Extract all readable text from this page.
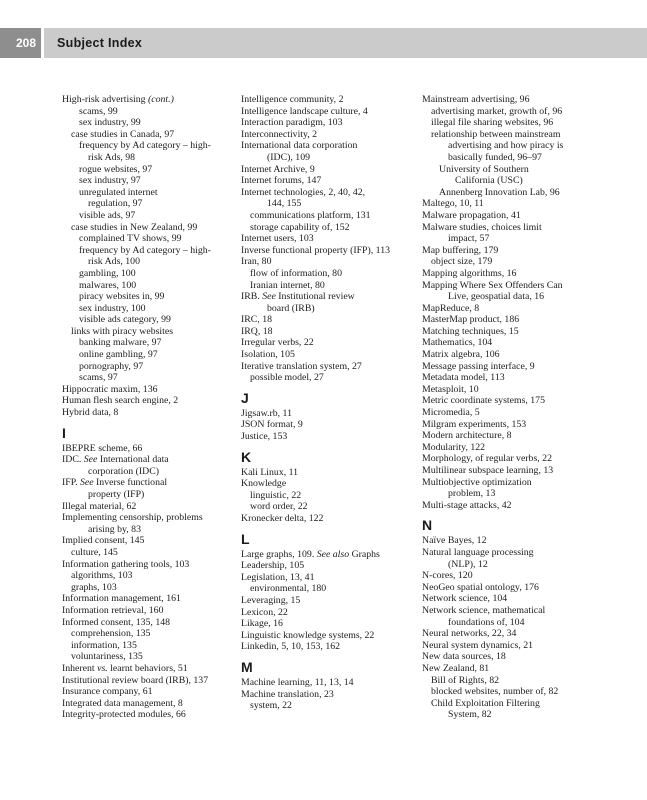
208 Subject Index
High-risk advertising (cont.)
scams, 99
sex industry, 99
case studies in Canada, 97
frequency by Ad category – high-
risk Ads, 98
rogue websites, 97
sex industry, 97
unregulated internet
regulation, 97
visible ads, 97
case studies in New Zealand, 99
complained TV shows, 99
frequency by Ad category – high-
risk Ads, 100
gambling, 100
malwares, 100
piracy websites in, 99
sex industry, 100
visible ads category, 99
links with piracy websites
banking malware, 97
online gambling, 97
pornography, 97
scams, 97
Hippocratic maxim, 136
Human flesh search engine, 2
Hybrid data, 8
I
IBEPRE scheme, 66
IDC. See International data
corporation (IDC)
IFP. See Inverse functional
property (IFP)
Illegal material, 62
Implementing censorship, problems
arising by, 83
Implied consent, 145
culture, 145
Information gathering tools, 103
algorithms, 103
graphs, 103
Information management, 161
Information retrieval, 160
Informed consent, 135, 148
comprehension, 135
information, 135
voluntariness, 135
Inherent vs. learnt behaviors, 51
Institutional review board (IRB), 137
Insurance company, 61
Integrated data management, 8
Integrity-protected modules, 66
Intelligence community, 2
Intelligence landscape culture, 4
Interaction paradigm, 103
Interconnectivity, 2
International data corporation
(IDC), 109
Internet Archive, 9
Internet forums, 147
Internet technologies, 2, 40, 42,
144, 155
communications platform, 131
storage capability of, 152
Internet users, 103
Inverse functional property (IFP), 113
Iran, 80
flow of information, 80
Iranian internet, 80
IRB. See Institutional review
board (IRB)
IRC, 18
IRQ, 18
Irregular verbs, 22
Isolation, 105
Iterative translation system, 27
possible model, 27
J
Jigsaw.rb, 11
JSON format, 9
Justice, 153
K
Kali Linux, 11
Knowledge
linguistic, 22
word order, 22
Kronecker delta, 122
L
Large graphs, 109. See also Graphs
Leadership, 105
Legislation, 13, 41
environmental, 180
Leveraging, 15
Lexicon, 22
Likage, 16
Linguistic knowledge systems, 22
Linkedin, 5, 10, 153, 162
M
Machine learning, 11, 13, 14
Machine translation, 23
system, 22
Mainstream advertising, 96
advertising market, growth of, 96
illegal file sharing websites, 96
relationship between mainstream
advertising and how piracy is
basically funded, 96–97
University of Southern
California (USC)
Annenberg Innovation Lab, 96
Maltego, 10, 11
Malware propagation, 41
Malware studies, choices limit
impact, 57
Map buffering, 179
object size, 179
Mapping algorithms, 16
Mapping Where Sex Offenders Can
Live, geospatial data, 16
MapReduce, 8
MasterMap product, 186
Matching techniques, 15
Mathematics, 104
Matrix algebra, 106
Message passing interface, 9
Metadata model, 113
Metasploit, 10
Metric coordinate systems, 175
Micromedia, 5
Milgram experiments, 153
Modern architecture, 8
Modularity, 122
Morphology, of regular verbs, 22
Multilinear subspace learning, 13
Multiobjective optimization
problem, 13
Multi-stage attacks, 42
N
Naïve Bayes, 12
Natural language processing
(NLP), 12
N-cores, 120
NeoGeo spatial ontology, 176
Network science, 104
Network science, mathematical
foundations of, 104
Neural networks, 22, 34
Neural system dynamics, 21
New data sources, 18
New Zealand, 81
Bill of Rights, 82
blocked websites, number of, 82
Child Exploitation Filtering
System, 82
